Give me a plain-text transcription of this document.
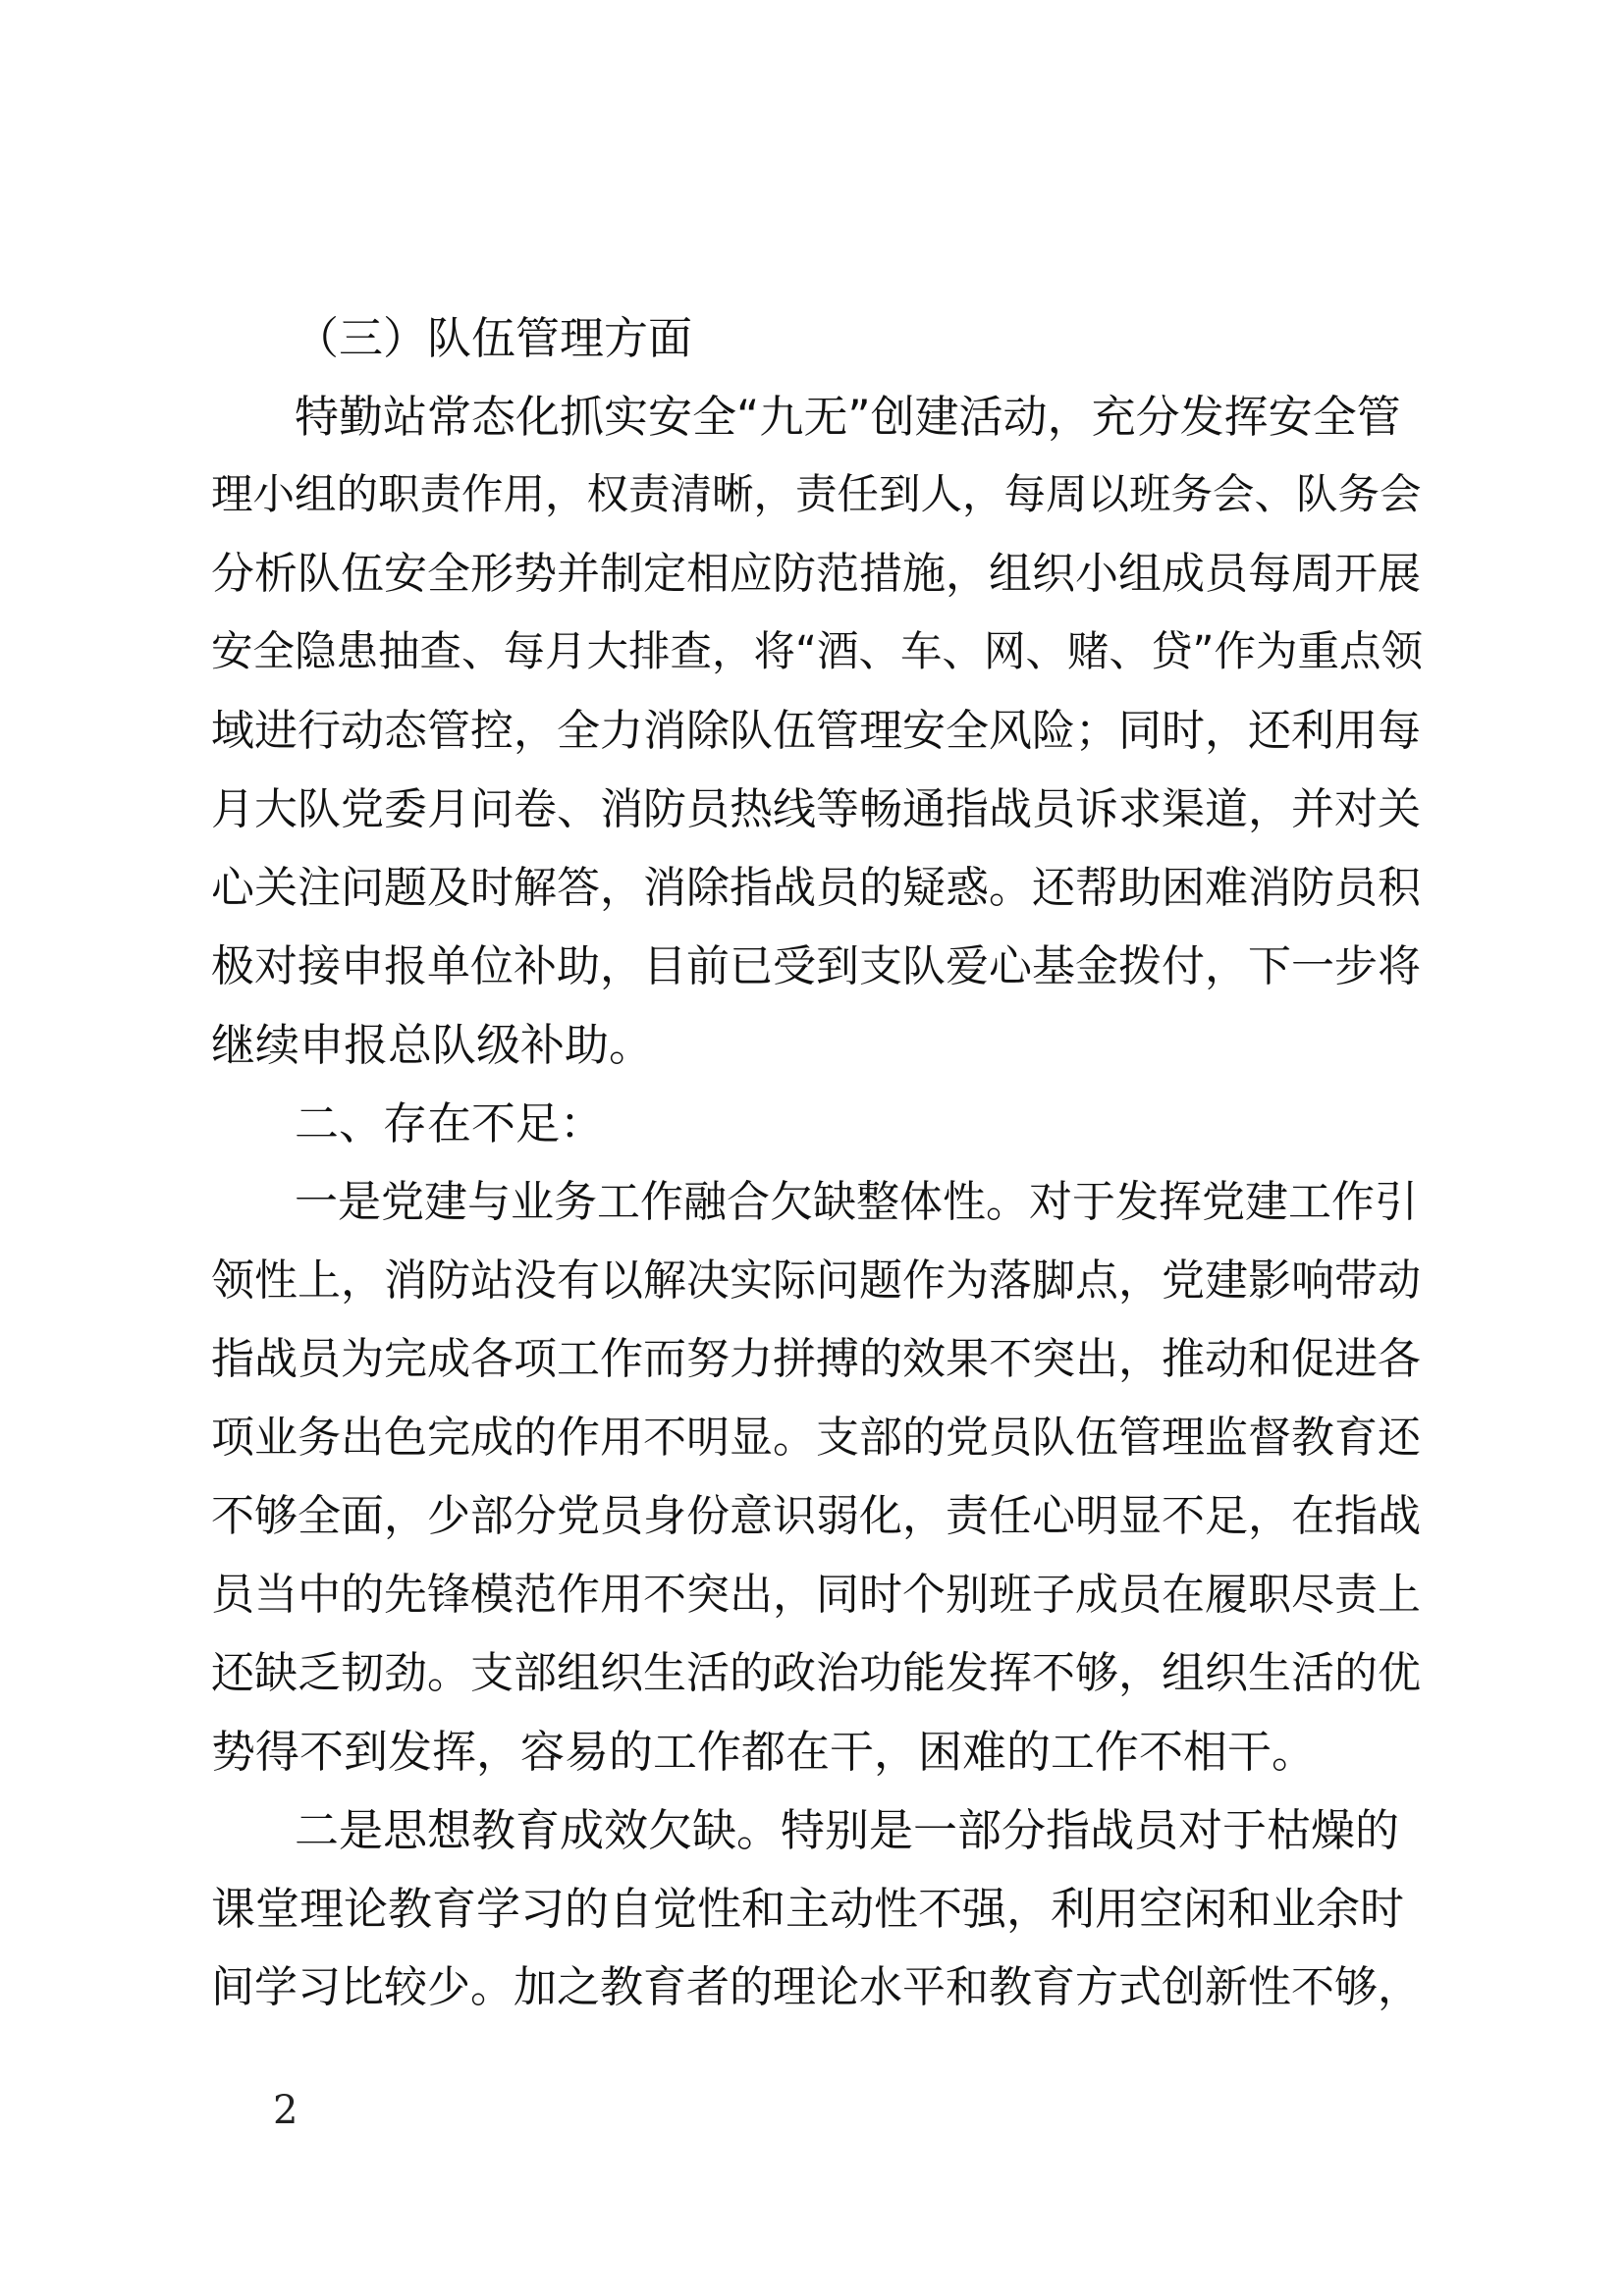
（三）队伍管理方面
特勤站常态化抓实安全“九无”创建活动，充分发挥安全管
理小组的职责作用，权责清晰，责任到人，每周以班务会、队务会
分析队伍安全形势并制定相应防范措施，组织小组成员每周开展
安全隐患抽查、每月大排查，将“酒、车、网、赌、贷”作为重点领
域进行动态管控，全力消除队伍管理安全风险；同时，还利用每
月大队党委月问卷、消防员热线等畅通指战员诉求渠道，并对关
心关注问题及时解答，消除指战员的疑惑。还帮助困难消防员积
极对接申报单位补助，目前已受到支队爱心基金拨付，下一步将
继续申报总队级补助。
二、存在不足：
一是党建与业务工作融合欠缺整体性。对于发挥党建工作引
领性上，消防站没有以解决实际问题作为落脚点，党建影响带动
指战员为完成各项工作而努力拼搏的效果不突出，推动和促进各
项业务出色完成的作用不明显。支部的党员队伍管理监督教育还
不够全面，少部分党员身份意识弱化，责任心明显不足，在指战
员当中的先锋模范作用不突出，同时个别班子成员在履职尽责上
还缺乏韧劲。支部组织生活的政治功能发挥不够，组织生活的优
势得不到发挥，容易的工作都在干，困难的工作不相干。
二是思想教育成效欠缺。特别是一部分指战员对于枯燥的
课堂理论教育学习的自觉性和主动性不强，利用空闲和业余时
间学习比较少。加之教育者的理论水平和教育方式创新性不够，
2
